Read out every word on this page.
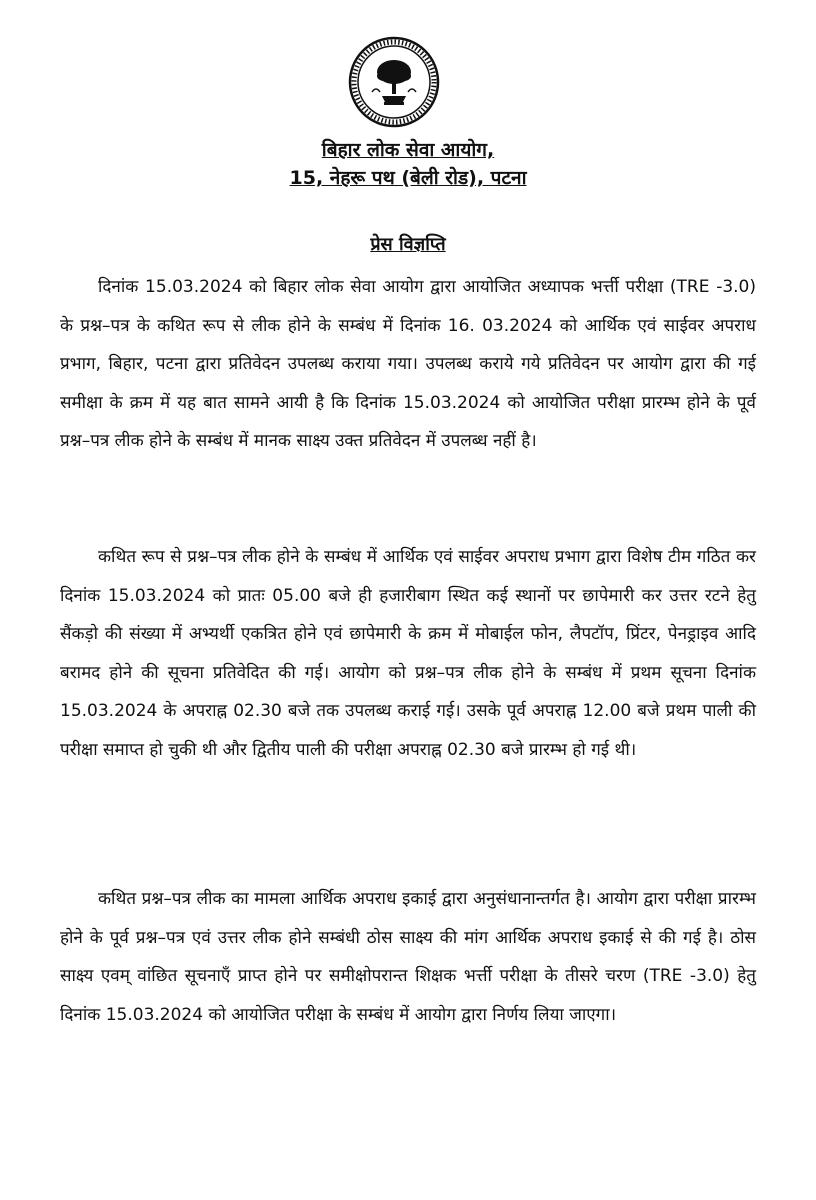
बिहार लोक सेवा आयोग,
15, नेहरू पथ (बेली रोड), पटना
प्रेस विज्ञप्ति
दिनांक 15.03.2024 को बिहार लोक सेवा आयोग द्वारा आयोजित अध्यापक भर्त्ती परीक्षा (TRE -3.0) के प्रश्न–पत्र के कथित रूप से लीक होने के सम्बंध में दिनांक 16. 03.2024 को आर्थिक एवं साईवर अपराध प्रभाग, बिहार, पटना द्वारा प्रतिवेदन उपलब्ध कराया गया। उपलब्ध कराये गये प्रतिवेदन पर आयोग द्वारा की गई समीक्षा के क्रम में यह बात सामने आयी है कि दिनांक 15.03.2024 को आयोजित परीक्षा प्रारम्भ होने के पूर्व प्रश्न–पत्र लीक होने के सम्बंध में मानक साक्ष्य उक्त प्रतिवेदन में उपलब्ध नहीं है।
कथित रूप से प्रश्न–पत्र लीक होने के सम्बंध में आर्थिक एवं साईवर अपराध प्रभाग द्वारा विशेष टीम गठित कर दिनांक 15.03.2024 को प्रातः 05.00 बजे ही हजारीबाग स्थित कई स्थानों पर छापेमारी कर उत्तर रटने हेतु सैंकड़ो की संख्या में अभ्यर्थी एकत्रित होने एवं छापेमारी के क्रम में मोबाईल फोन, लैपटॉप, प्रिंटर, पेनड्राइव आदि बरामद होने की सूचना प्रतिवेदित की गई। आयोग को प्रश्न–पत्र लीक होने के सम्बंध में प्रथम सूचना दिनांक 15.03.2024 के अपराह्न 02.30 बजे तक उपलब्ध कराई गई। उसके पूर्व अपराह्न 12.00 बजे प्रथम पाली की परीक्षा समाप्त हो चुकी थी और द्वितीय पाली की परीक्षा अपराह्न 02.30 बजे प्रारम्भ हो गई थी।
कथित प्रश्न–पत्र लीक का मामला आर्थिक अपराध इकाई द्वारा अनुसंधानान्तर्गत है। आयोग द्वारा परीक्षा प्रारम्भ होने के पूर्व प्रश्न–पत्र एवं उत्तर लीक होने सम्बंधी ठोस साक्ष्य की मांग आर्थिक अपराध इकाई से की गई है। ठोस साक्ष्य एवम् वांछित सूचनाएँ प्राप्त होने पर समीक्षोपरान्त शिक्षक भर्त्ती परीक्षा के तीसरे चरण (TRE -3.0) हेतु दिनांक 15.03.2024 को आयोजित परीक्षा के सम्बंध में आयोग द्वारा निर्णय लिया जाएगा।
